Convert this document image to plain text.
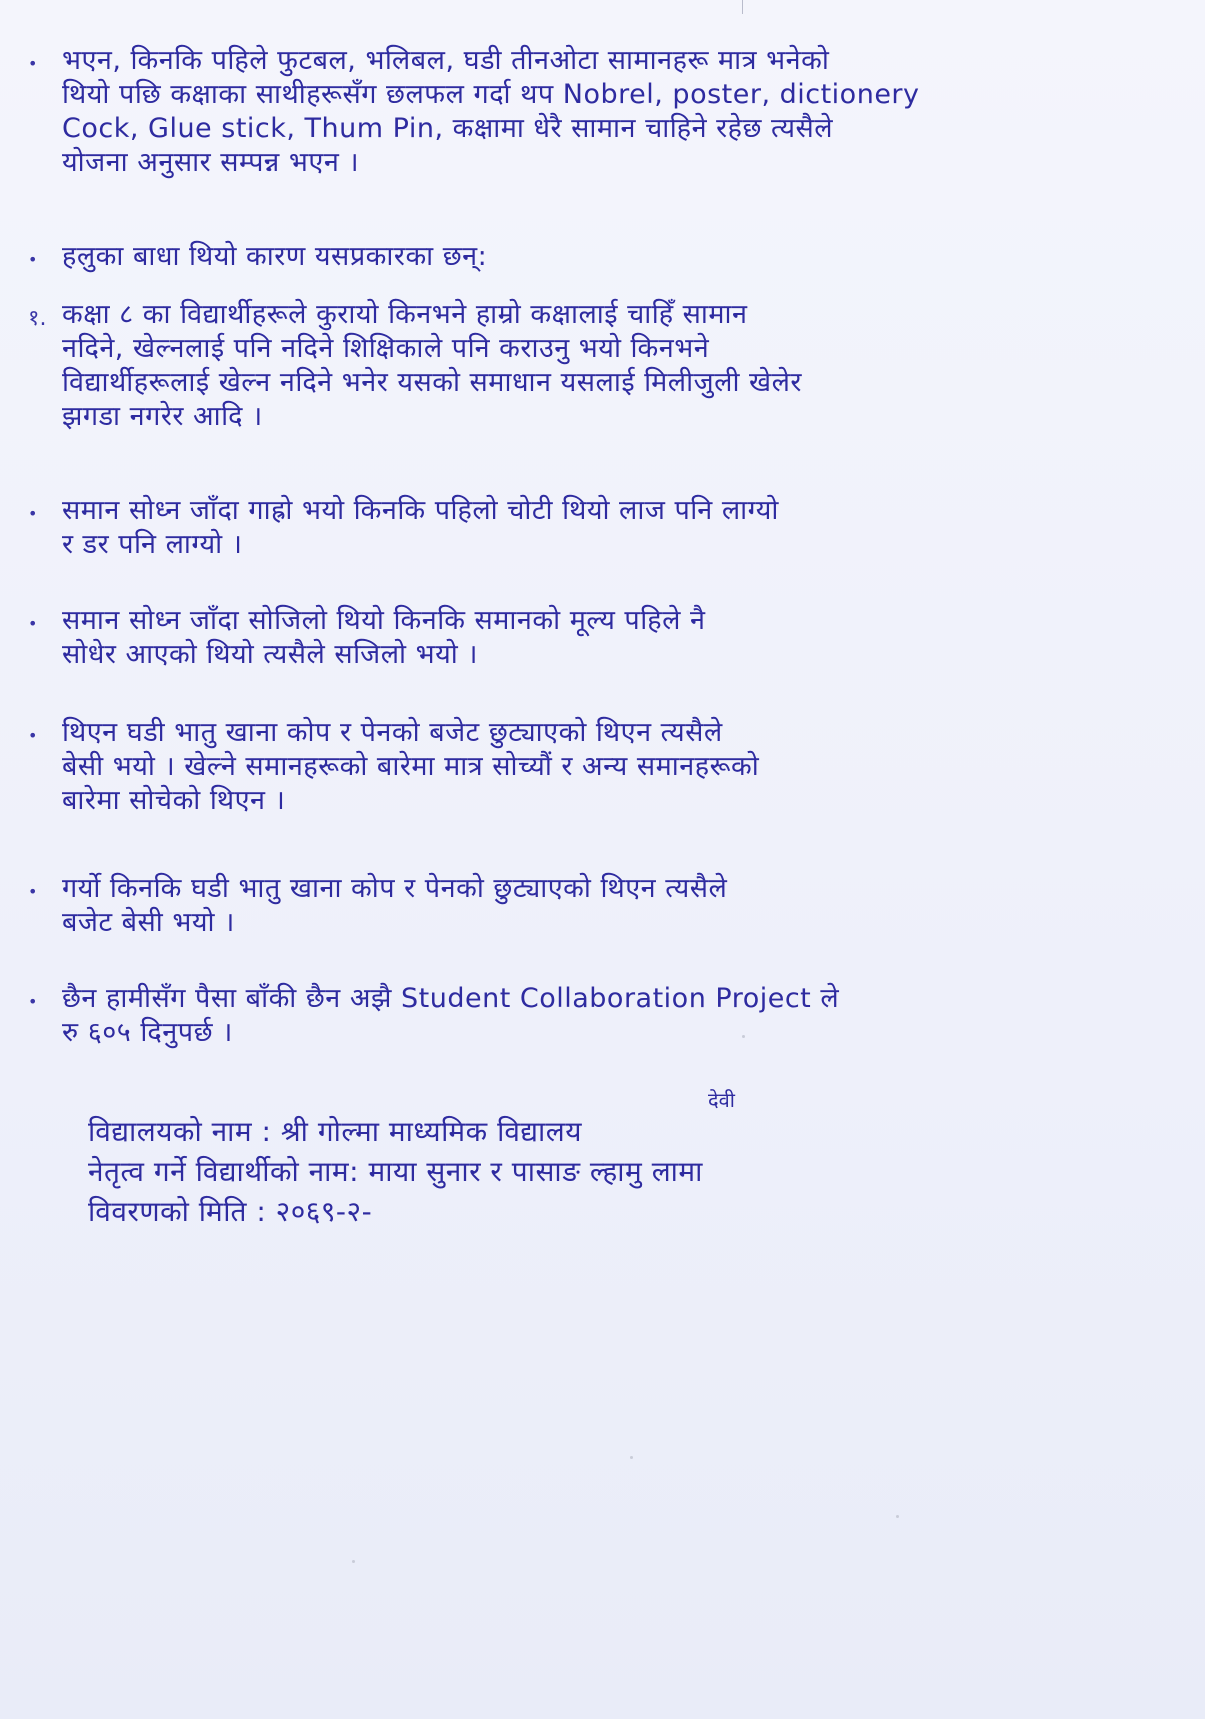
• भएन, किनकि पहिले फुटबल, भलिबल, घडी तीनओटा सामानहरू मात्र भनेको
थियो पछि कक्षाका साथीहरूसँग छलफल गर्दा थप Nobrel, poster, dictionery
Cock, Glue stick, Thum Pin, कक्षामा धेरै सामान चाहिने रहेछ त्यसैले
योजना अनुसार सम्पन्न भएन ।
• हलुका बाधा थियो कारण यसप्रकारका छन्:
१. कक्षा ८ का विद्यार्थीहरूले कुरायो किनभने हाम्रो कक्षालाई चाहिँ सामान
नदिने, खेल्नलाई पनि नदिने शिक्षिकाले पनि कराउनु भयो किनभने
विद्यार्थीहरूलाई खेल्न नदिने भनेर यसको समाधान यसलाई मिलीजुली खेलेर
झगडा नगरेर आदि ।
• समान सोध्न जाँदा गाह्रो भयो किनकि पहिलो चोटी थियो लाज पनि लाग्यो
र डर पनि लाग्यो ।
• समान सोध्न जाँदा सोजिलो थियो किनकि समानको मूल्य पहिले नै
सोधेर आएको थियो त्यसैले सजिलो भयो ।
• थिएन घडी भातु खाना कोप र पेनको बजेट छुट्याएको थिएन त्यसैले
बेसी भयो । खेल्ने समानहरूको बारेमा मात्र सोच्यौं र अन्य समानहरूको
बारेमा सोचेको थिएन ।
• गर्यो किनकि घडी भातु खाना कोप र पेनको छुट्याएको थिएन त्यसैले
बजेट बेसी भयो ।
• छैन हामीसँग पैसा बाँकी छैन अझै Student Collaboration Project ले
रु ६०५ दिनुपर्छ ।
देवी
विद्यालयको नाम : श्री गोल्मा माध्यमिक विद्यालय
नेतृत्व गर्ने विद्यार्थीको नाम: माया सुनार र पासाङ ल्हामु लामा
विवरणको मिति : २०६९-२-
